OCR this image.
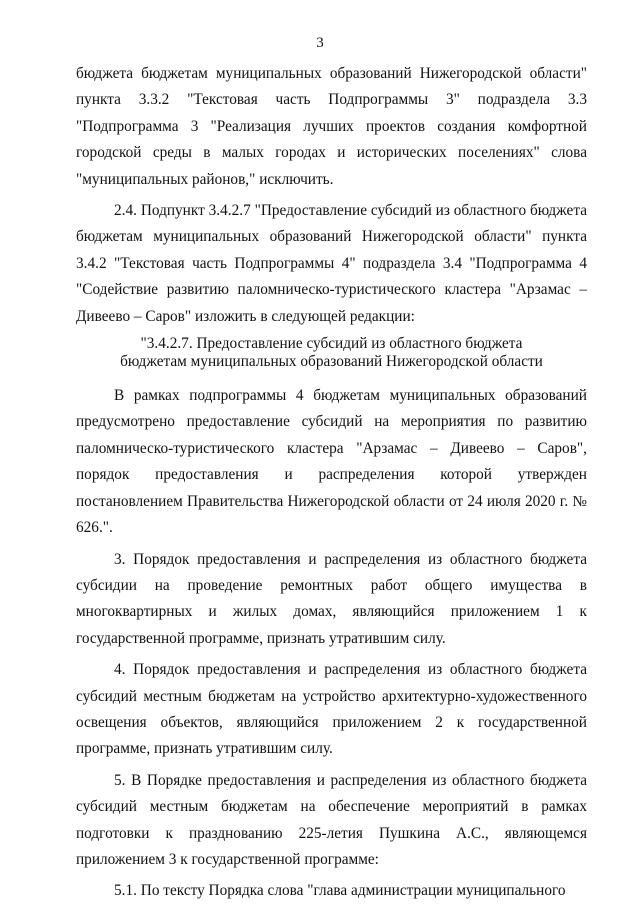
3

бюджета бюджетам муниципальных образований Нижегородской области" пункта 3.3.2 "Текстовая часть Подпрограммы 3" подраздела 3.3 "Подпрограмма 3 "Реализация лучших проектов создания комфортной городской среды в малых городах и исторических поселениях" слова "муниципальных районов," исключить.

2.4. Подпункт 3.4.2.7 "Предоставление субсидий из областного бюджета бюджетам муниципальных образований Нижегородской области" пункта 3.4.2 "Текстовая часть Подпрограммы 4" подраздела 3.4 "Подпрограмма 4 "Содействие развитию паломническо-туристического кластера "Арзамас – Дивеево – Саров" изложить в следующей редакции:

"3.4.2.7. Предоставление субсидий из областного бюджета
бюджетам муниципальных образований Нижегородской области

В рамках подпрограммы 4 бюджетам муниципальных образований предусмотрено предоставление субсидий на мероприятия по развитию паломническо-туристического кластера "Арзамас – Дивеево – Саров", порядок предоставления и распределения которой утвержден постановлением Правительства Нижегородской области от 24 июля 2020 г. № 626.".

3. Порядок предоставления и распределения из областного бюджета субсидии на проведение ремонтных работ общего имущества в многоквартирных и жилых домах, являющийся приложением 1 к государственной программе, признать утратившим силу.

4. Порядок предоставления и распределения из областного бюджета субсидий местным бюджетам на устройство архитектурно-художественного освещения объектов, являющийся приложением 2 к государственной программе, признать утратившим силу.

5. В Порядке предоставления и распределения из областного бюджета субсидий местным бюджетам на обеспечение мероприятий в рамках подготовки к празднованию 225-летия Пушкина А.С., являющемся приложением 3 к государственной программе:

5.1. По тексту Порядка слова "глава администрации муниципального
